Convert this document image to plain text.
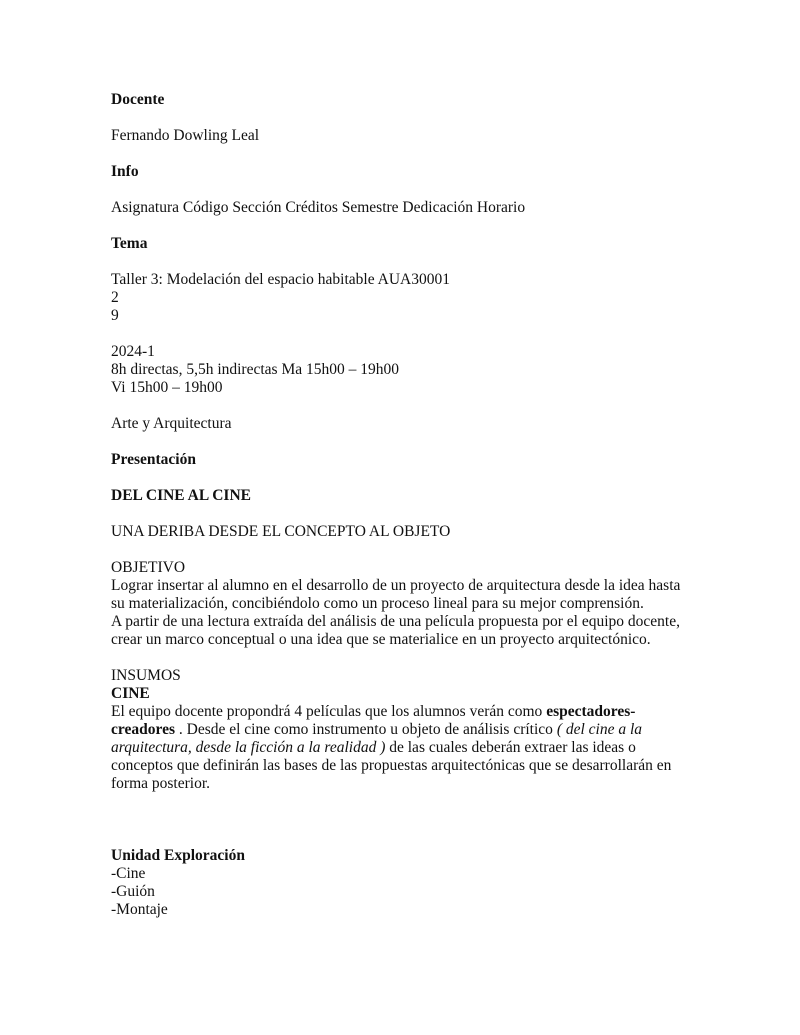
Docente
Fernando Dowling Leal
Info
Asignatura Código Sección Créditos Semestre Dedicación Horario
Tema
Taller 3: Modelación del espacio habitable AUA30001
2
9
2024-1
8h directas, 5,5h indirectas Ma 15h00 – 19h00
Vi 15h00 – 19h00
Arte y Arquitectura
Presentación
DEL CINE AL CINE
UNA DERIBA DESDE EL CONCEPTO AL OBJETO
OBJETIVO
Lograr insertar al alumno en el desarrollo de un proyecto de arquitectura desde la idea hasta
su materialización, concibiéndolo como un proceso lineal para su mejor comprensión.
A partir de una lectura extraída del análisis de una película propuesta por el equipo docente,
crear un marco conceptual o una idea que se materialice en un proyecto arquitectónico.
INSUMOS
CINE
El equipo docente propondrá 4 películas que los alumnos verán como espectadores-
creadores . Desde el cine como instrumento u objeto de análisis crítico ( del cine a la
arquitectura, desde la ficción a la realidad ) de las cuales deberán extraer las ideas o
conceptos que definirán las bases de las propuestas arquitectónicas que se desarrollarán en
forma posterior.
Unidad Exploración
-Cine
-Guión
-Montaje
